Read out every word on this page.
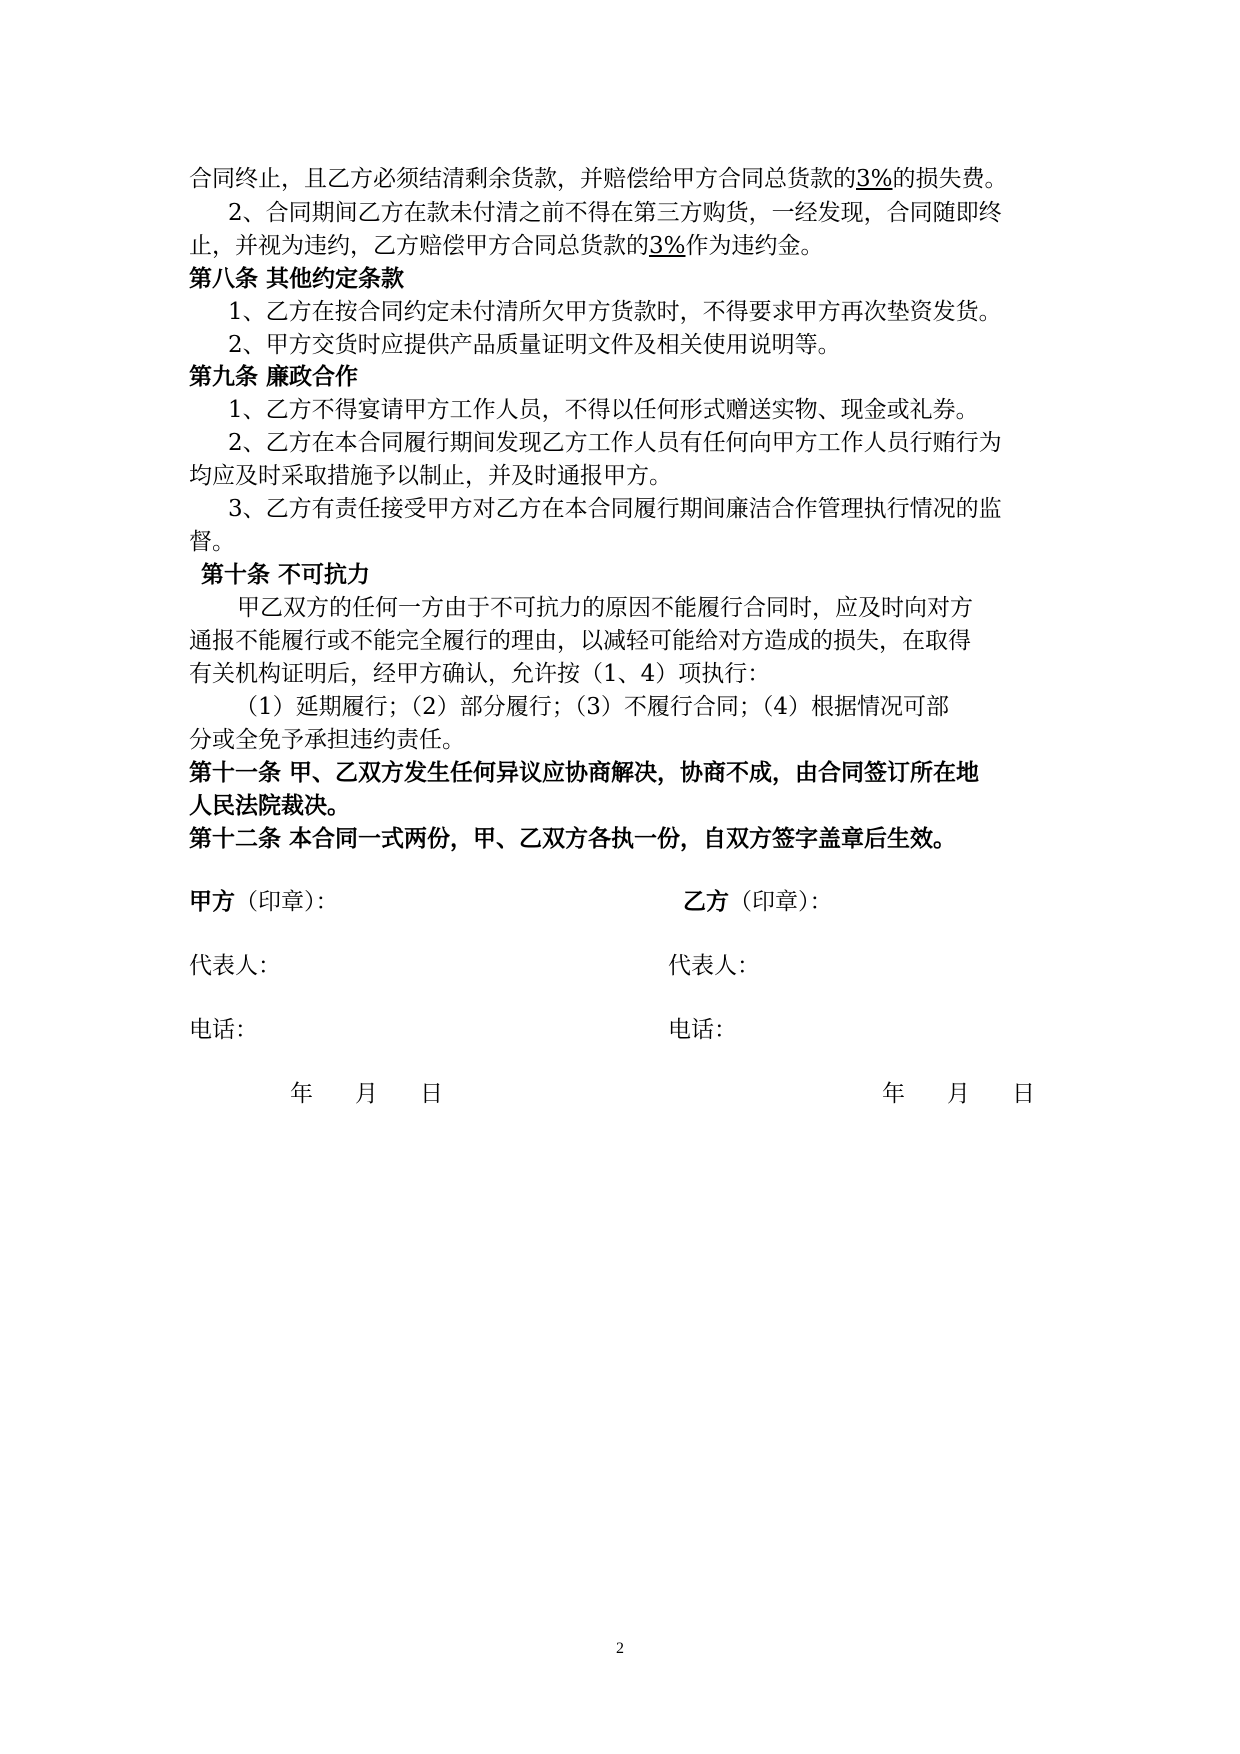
合同终止，且乙方必须结清剩余货款，并赔偿给甲方合同总货款的3%的损失费。
2、合同期间乙方在款未付清之前不得在第三方购货，一经发现，合同随即终
止，并视为违约，乙方赔偿甲方合同总货款的3%作为违约金。
第八条 其他约定条款
1、乙方在按合同约定未付清所欠甲方货款时，不得要求甲方再次垫资发货。
2、甲方交货时应提供产品质量证明文件及相关使用说明等。
第九条 廉政合作
1、乙方不得宴请甲方工作人员，不得以任何形式赠送实物、现金或礼券。
2、乙方在本合同履行期间发现乙方工作人员有任何向甲方工作人员行贿行为
均应及时采取措施予以制止，并及时通报甲方。
3、乙方有责任接受甲方对乙方在本合同履行期间廉洁合作管理执行情况的监
督。
第十条 不可抗力
甲乙双方的任何一方由于不可抗力的原因不能履行合同时，应及时向对方
通报不能履行或不能完全履行的理由，以减轻可能给对方造成的损失，在取得
有关机构证明后，经甲方确认，允许按（1、4）项执行：
（1）延期履行；（2）部分履行；（3）不履行合同；（4）根据情况可部
分或全免予承担违约责任。
第十一条 甲、乙双方发生任何异议应协商解决，协商不成，由合同签订所在地
人民法院裁决。
第十二条 本合同一式两份，甲、乙双方各执一份，自双方签字盖章后生效。
甲方（印章）：	乙方（印章）：
代表人：	代表人：
电话：	电话：
年 月 日	年 月 日
2
